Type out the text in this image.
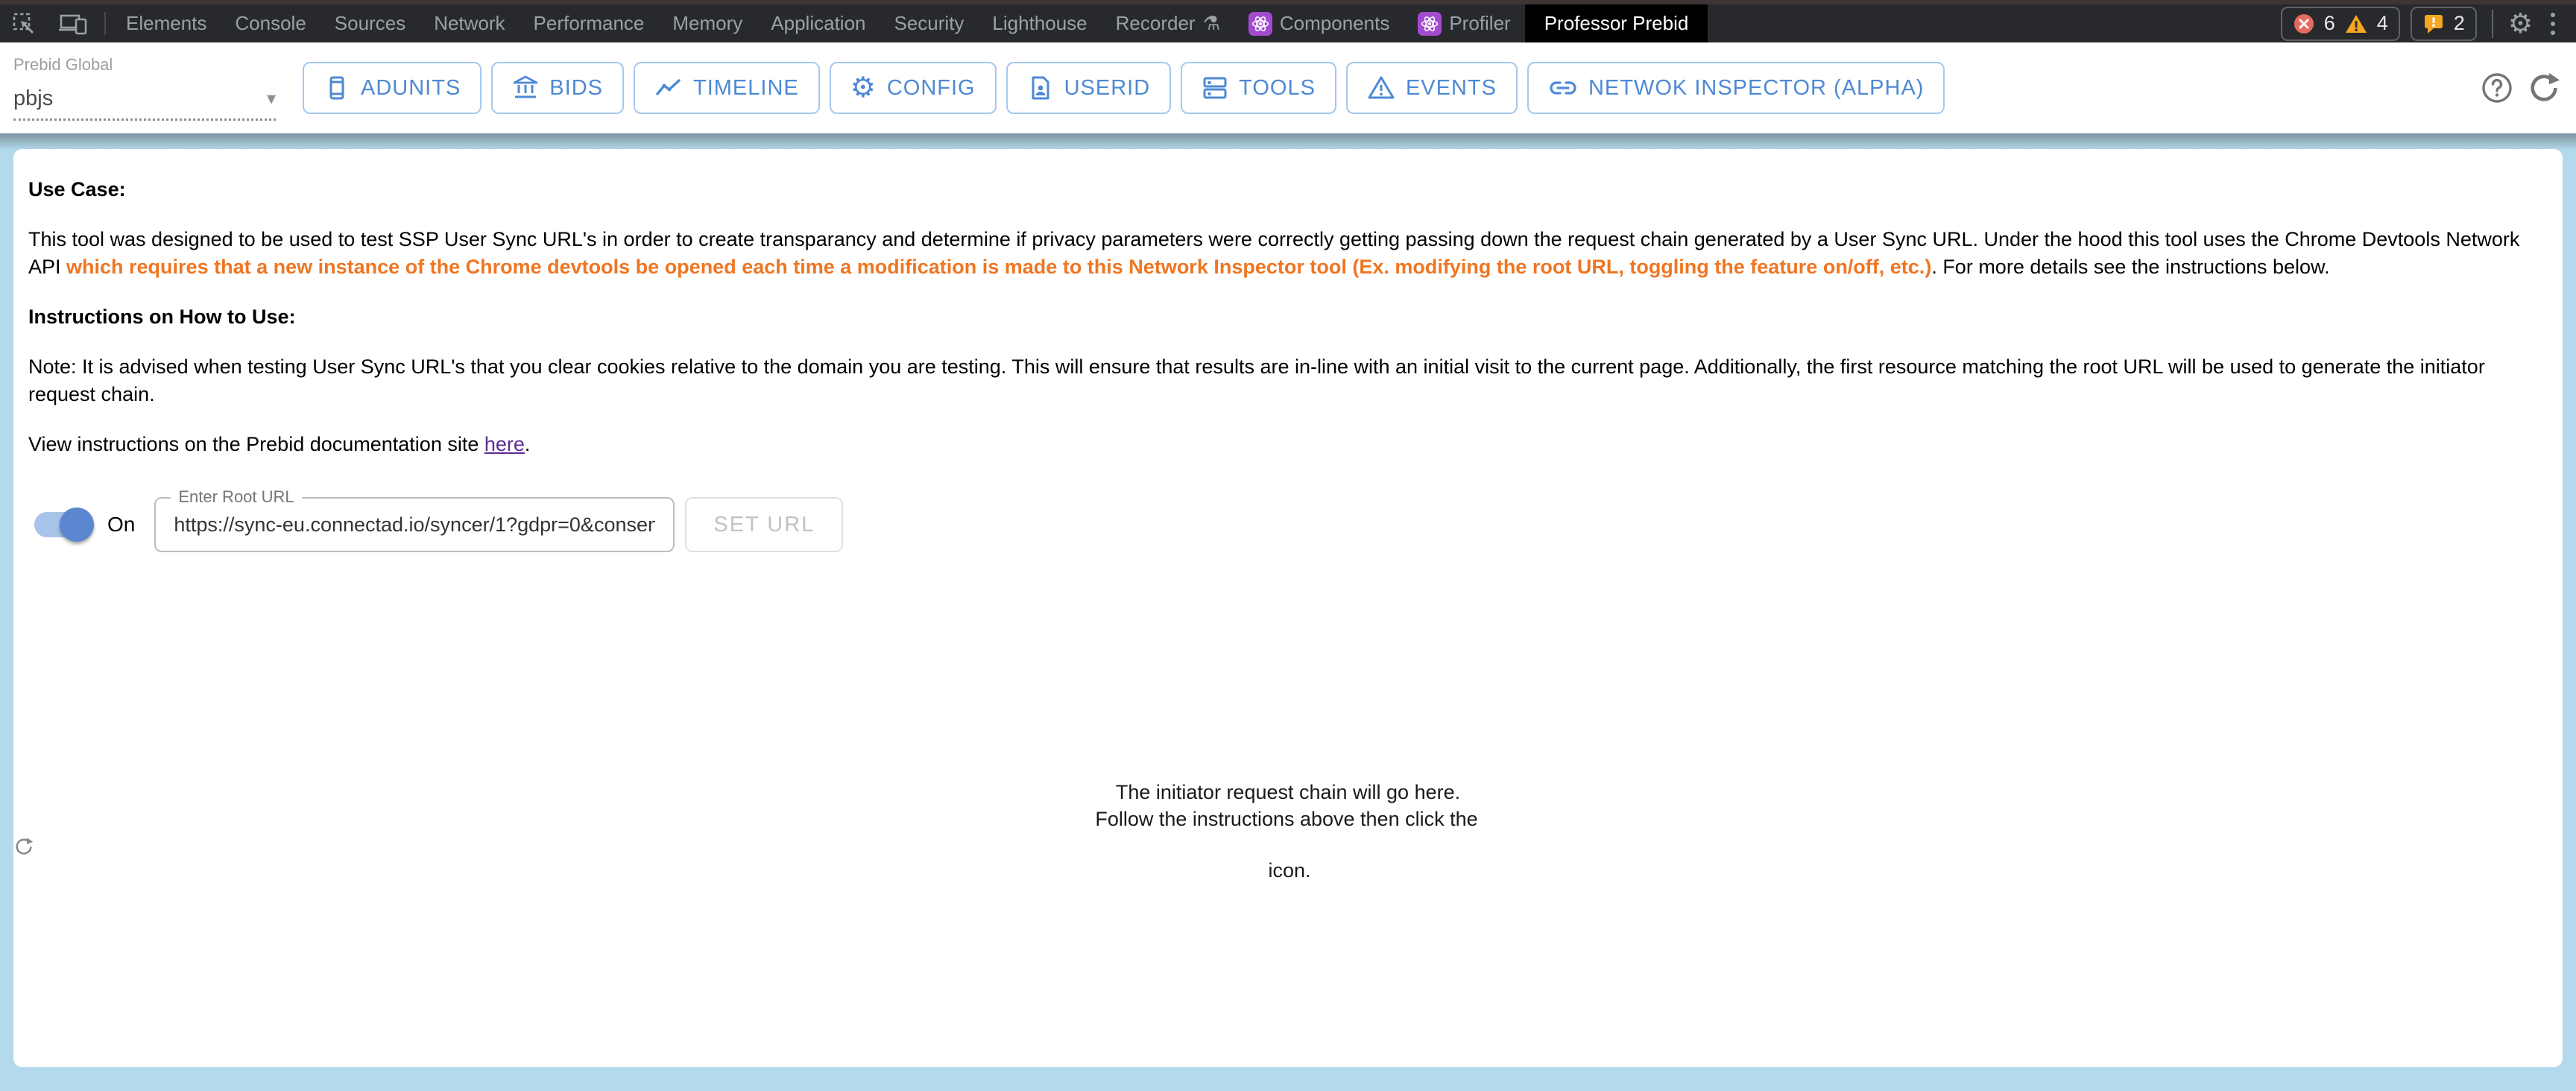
Elements	Console	Sources	Network	Performance	Memory	Application	Security	Lighthouse	Recorder ⚗	Components	Profiler	Professor Prebid	6 4	2 ⚙
Prebid Global
pbjs	▾	ADUNITS	BIDS	TIMELINE ⚙ CONFIG	USERID	TOOLS	EVENTS	NETWOK INSPECTOR (ALPHA)
Use Case:

This tool was designed to be used to test SSP User Sync URL's in order to create transparancy and determine if privacy parameters were correctly getting passing down the request chain generated by a User Sync URL. Under the hood this tool uses the Chrome Devtools Network API which requires that a new instance of the Chrome devtools be opened each time a modification is made to this Network Inspector tool (Ex. modifying the root URL, toggling the feature on/off, etc.). For more details see the instructions below.

Instructions on How to Use:

Note: It is advised when testing User Sync URL's that you clear cookies relative to the domain you are testing. This will ensure that results are in-line with an initial visit to the current page. Additionally, the first resource matching the root URL will be used to generate the initiator request chain.

View instructions on the Prebid documentation site here.

On
Enter Root URL
https://sync-eu.connectad.io/syncer/1?gdpr=0&consent=&us
SET URL
The initiator request chain will go here.
Follow the instructions above then click the
icon.
